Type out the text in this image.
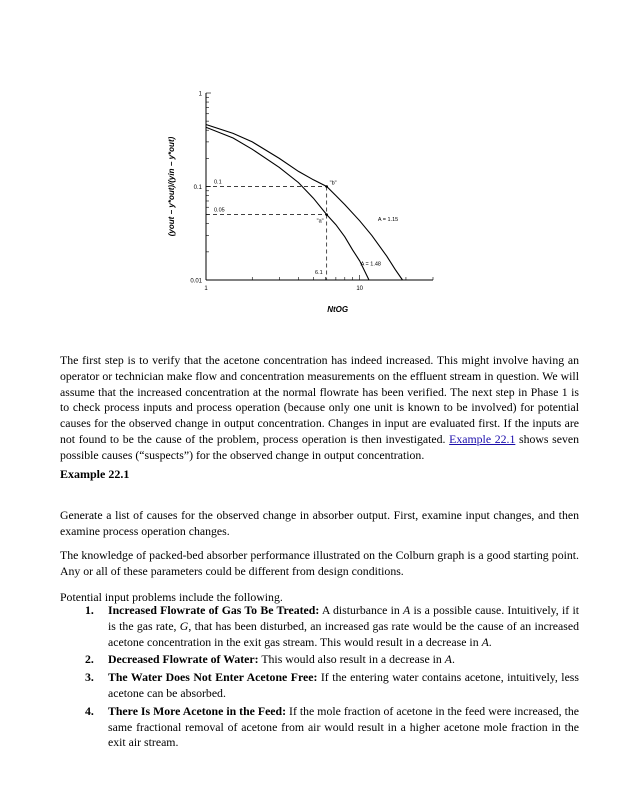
1
0.1
0.01
1	10
NtOG
(yout − y*out)/(yin − y*out)	A = 1.15
A = 1.48
0.1
0.05
"b"
"a"
6.1

The first step is to verify that the acetone concentration has indeed increased. This might involve having an operator or technician make flow and concentration measurements on the effluent stream in question. We will assume that the increased concentration at the normal flowrate has been verified. The next step in Phase 1 is to check process inputs and process operation (because only one unit is known to be involved) for potential causes for the observed change in output concentration. Changes in input are evaluated first. If the inputs are not found to be the cause of the problem, process operation is then investigated. Example 22.1 shows seven possible causes (“suspects”) for the observed change in output concentration.

Example 22.1

Generate a list of causes for the observed change in absorber output. First, examine input changes, and then examine process operation changes.

The knowledge of packed-bed absorber performance illustrated on the Colburn graph is a good starting point. Any or all of these parameters could be different from design conditions.

Potential input problems include the following.

1. Increased Flowrate of Gas To Be Treated: A disturbance in A is a possible cause. Intuitively, if it is the gas rate, G, that has been disturbed, an increased gas rate would be the cause of an increased acetone concentration in the exit gas stream. This would result in a decrease in A.
2. Decreased Flowrate of Water: This would also result in a decrease in A.
3. The Water Does Not Enter Acetone Free: If the entering water contains acetone, intuitively, less acetone can be absorbed.
4. There Is More Acetone in the Feed: If the mole fraction of acetone in the feed were increased, the same fractional removal of acetone from air would result in a higher acetone mole fraction in the exit air stream.
